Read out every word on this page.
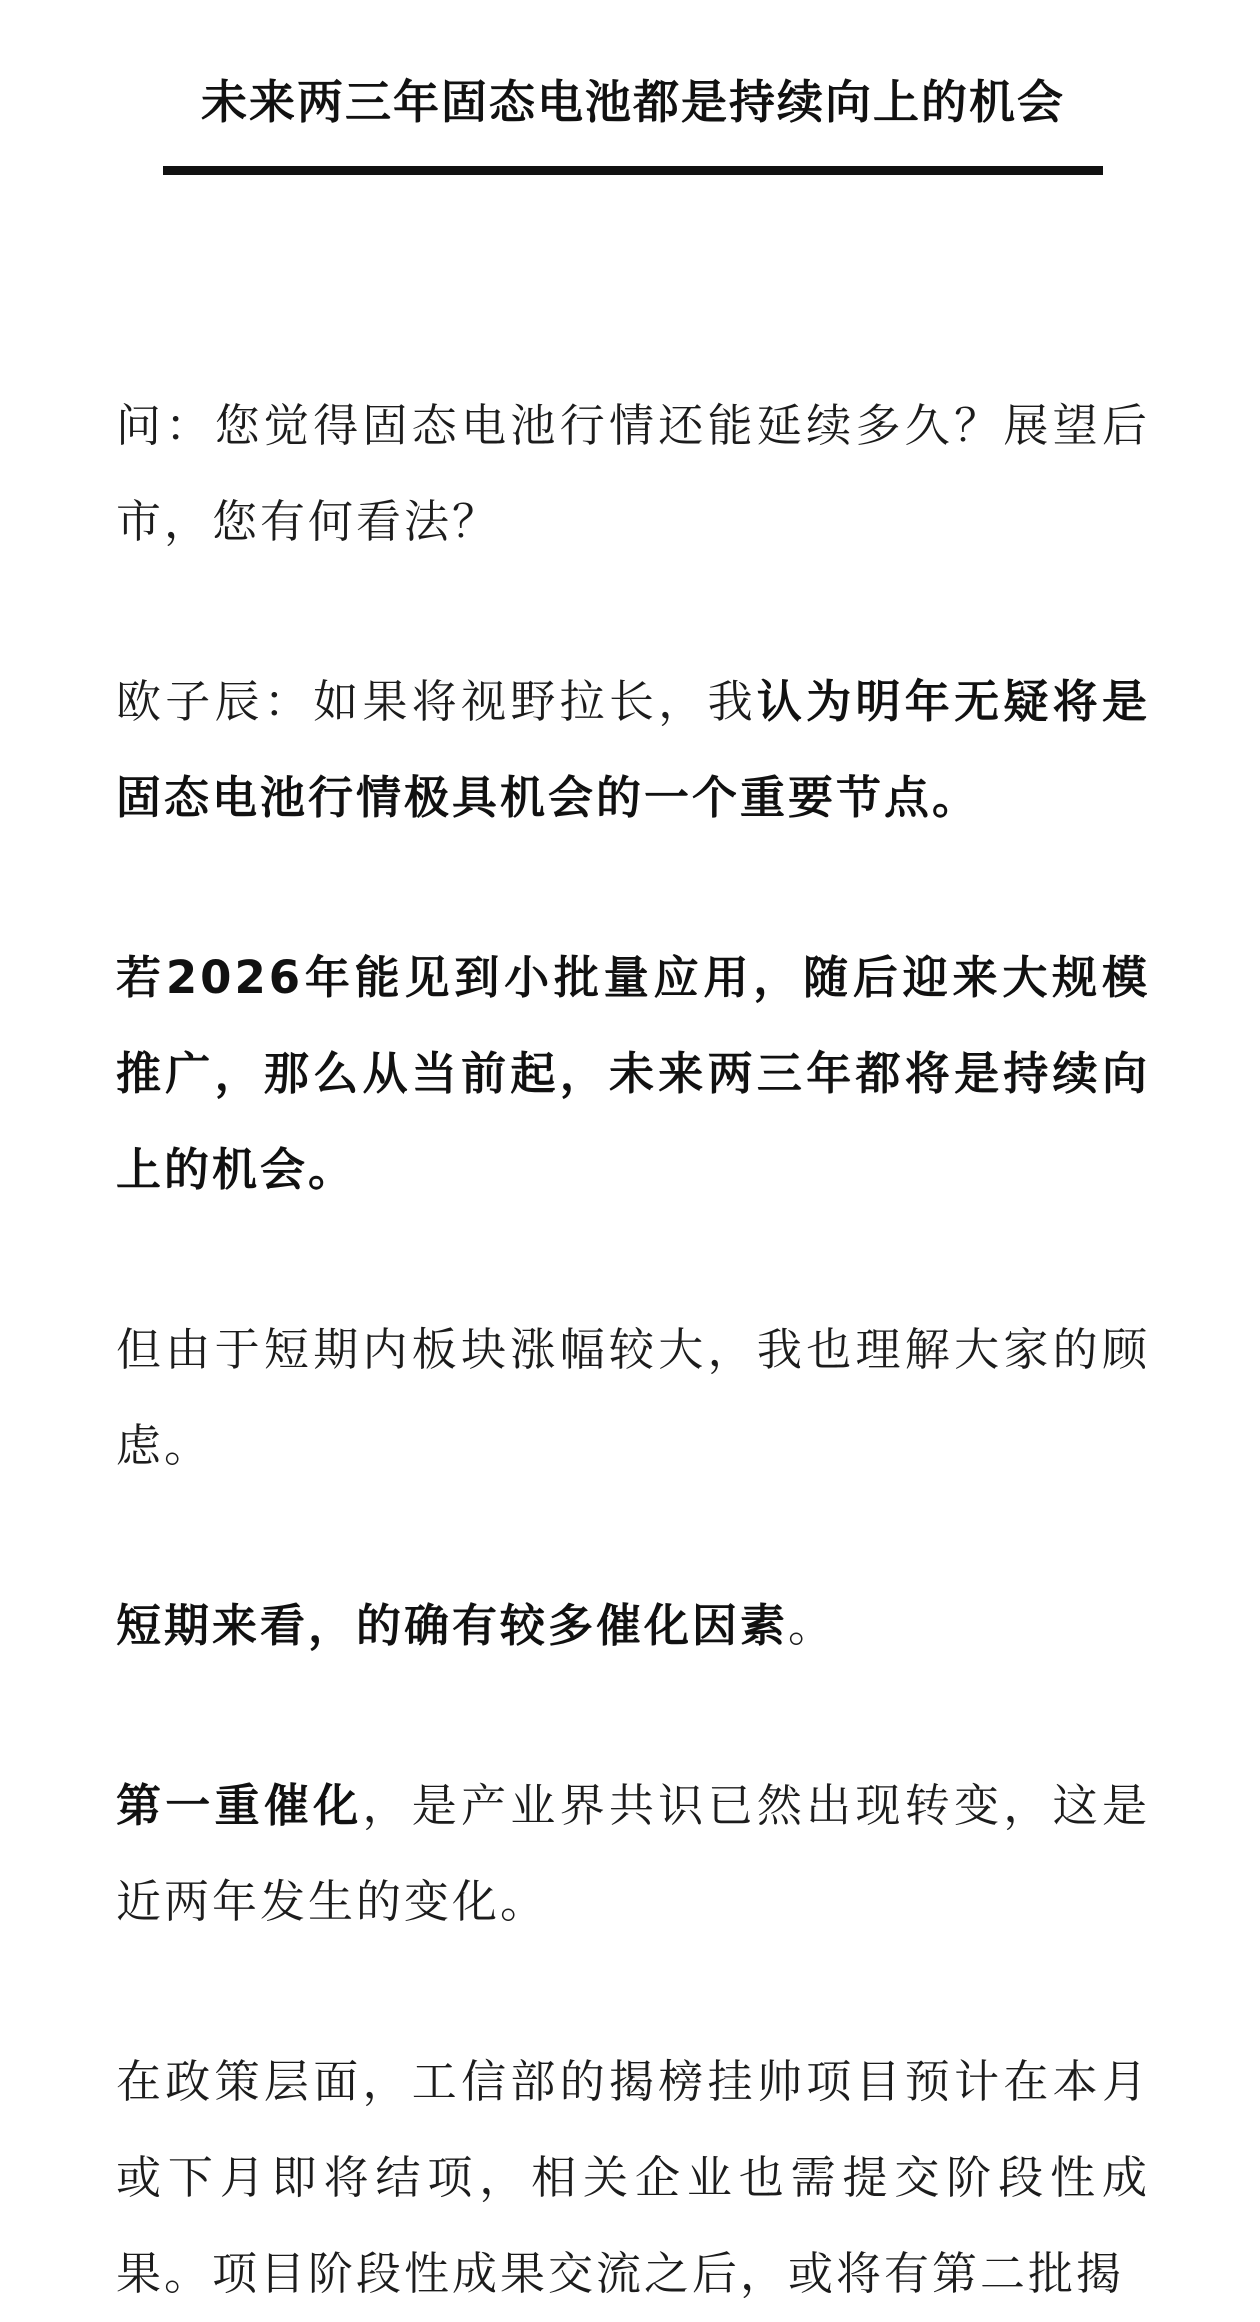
未来两三年固态电池都是持续向上的机会

问：您觉得固态电池行情还能延续多久？展望后市，您有何看法？

欧子辰：如果将视野拉长，我认为明年无疑将是固态电池行情极具机会的一个重要节点。

若2026年能见到小批量应用，随后迎来大规模推广，那么从当前起，未来两三年都将是持续向上的机会。

但由于短期内板块涨幅较大，我也理解大家的顾虑。

短期来看，的确有较多催化因素。

第一重催化，是产业界共识已然出现转变，这是近两年发生的变化。

在政策层面，工信部的揭榜挂帅项目预计在本月或下月即将结项，相关企业也需提交阶段性成果。项目阶段性成果交流之后，或将有第二批揭
